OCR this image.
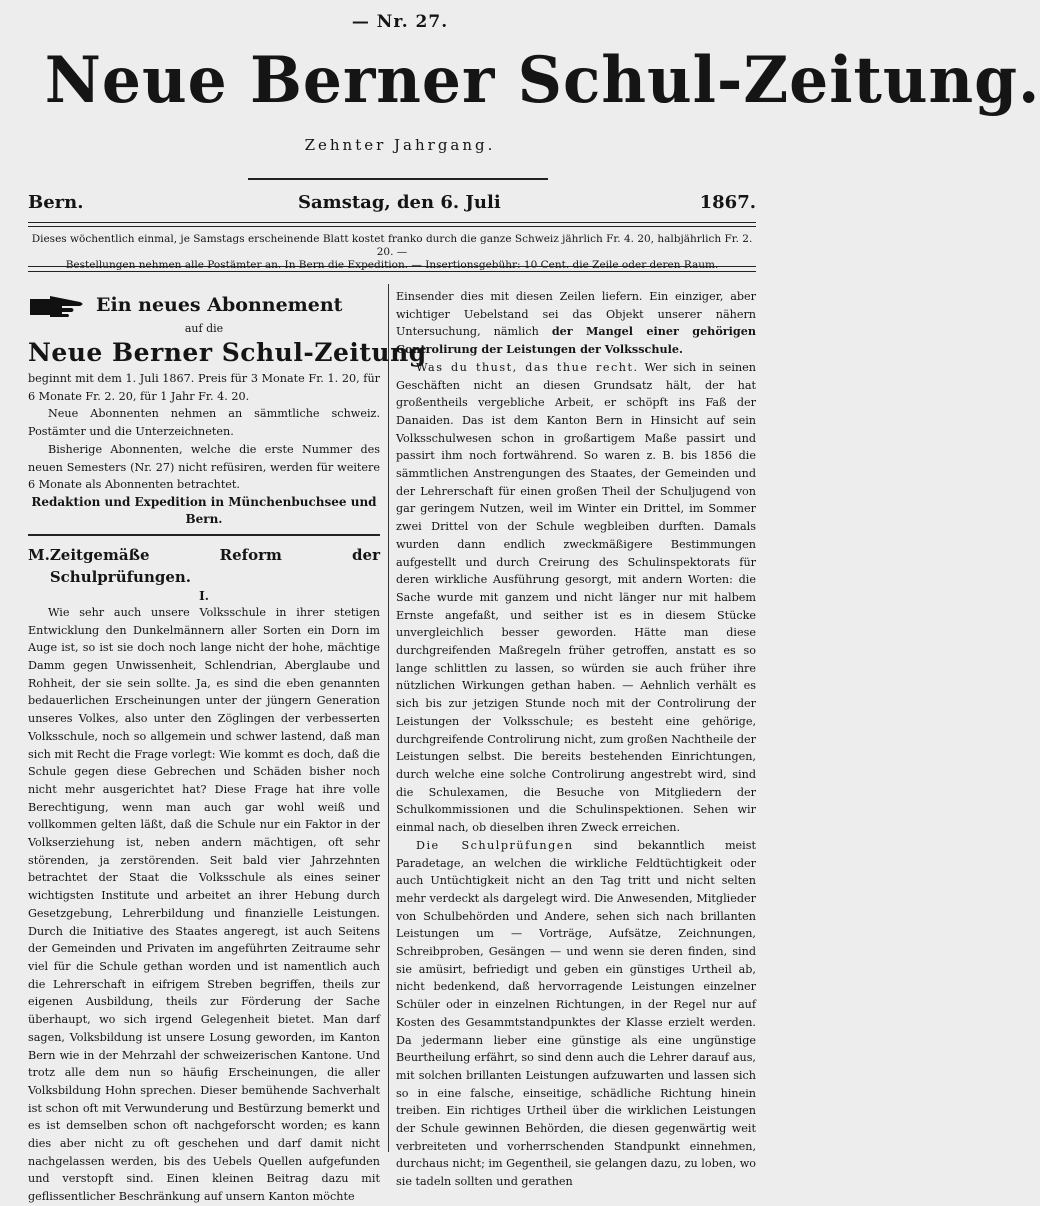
— Nr. 27.
Neue Berner Schul-Zeitung.
Zehnter Jahrgang.
Bern.	Samstag, den 6. Juli	1867.
Dieses wöchentlich einmal, je Samstags erscheinende Blatt kostet franko durch die ganze Schweiz jährlich Fr. 4. 20, halbjährlich Fr. 2. 20. —
Bestellungen nehmen alle Postämter an. In Bern die Expedition. — Insertionsgebühr: 10 Cent. die Zeile oder deren Raum.
Ein neues Abonnement
auf die
Neue Berner Schul-Zeitung

beginnt mit dem 1. Juli 1867. Preis für 3 Monate Fr. 1. 20, für 6 Monate Fr. 2. 20, für 1 Jahr Fr. 4. 20.

Neue Abonnenten nehmen an sämmtliche schweiz. Postämter und die Unterzeichneten.

Bisherige Abonnenten, welche die erste Nummer des neuen Semesters (Nr. 27) nicht refüsiren, werden für weitere 6 Monate als Abonnenten betrachtet.

Redaktion und Expedition in Münchenbuchsee und Bern.
M. Zeitgemäße Reform der Schulprüfungen.
I.

Wie sehr auch unsere Volksschule in ihrer stetigen Entwicklung den Dunkelmännern aller Sorten ein Dorn im Auge ist, so ist sie doch noch lange nicht der hohe, mächtige Damm gegen Unwissenheit, Schlendrian, Aberglaube und Rohheit, der sie sein sollte. Ja, es sind die eben genannten bedauerlichen Erscheinungen unter der jüngern Generation unseres Volkes, also unter den Zöglingen der verbesserten Volksschule, noch so allgemein und schwer lastend, daß man sich mit Recht die Frage vorlegt: Wie kommt es doch, daß die Schule gegen diese Gebrechen und Schäden bisher noch nicht mehr ausgerichtet hat? Diese Frage hat ihre volle Berechtigung, wenn man auch gar wohl weiß und vollkommen gelten läßt, daß die Schule nur ein Faktor in der Volkserziehung ist, neben andern mächtigen, oft sehr störenden, ja zerstörenden. Seit bald vier Jahrzehnten betrachtet der Staat die Volksschule als eines seiner wichtigsten Institute und arbeitet an ihrer Hebung durch Gesetzgebung, Lehrerbildung und finanzielle Leistungen. Durch die Initiative des Staates angeregt, ist auch Seitens der Gemeinden und Privaten im angeführten Zeitraume sehr viel für die Schule gethan worden und ist namentlich auch die Lehrerschaft in eifrigem Streben begriffen, theils zur eigenen Ausbildung, theils zur Förderung der Sache überhaupt, wo sich irgend Gelegenheit bietet. Man darf sagen, Volksbildung ist unsere Losung geworden, im Kanton Bern wie in der Mehrzahl der schweizerischen Kantone. Und trotz alle dem nun so häufig Erscheinungen, die aller Volksbildung Hohn sprechen. Dieser bemühende Sachverhalt ist schon oft mit Verwunderung und Bestürzung bemerkt und es ist demselben schon oft nachgeforscht worden; es kann dies aber nicht zu oft geschehen und darf damit nicht nachgelassen werden, bis des Uebels Quellen aufgefunden und verstopft sind. Einen kleinen Beitrag dazu mit geflissentlicher Beschränkung auf unsern Kanton möchte

Einsender dies mit diesen Zeilen liefern. Ein einziger, aber wichtiger Uebelstand sei das Objekt unserer nähern Untersuchung, nämlich der Mangel einer gehörigen Controlirung der Leistungen der Volksschule.

Was du thust, das thue recht. Wer sich in seinen Geschäften nicht an diesen Grundsatz hält, der hat großentheils vergebliche Arbeit, er schöpft ins Faß der Danaiden. Das ist dem Kanton Bern in Hinsicht auf sein Volksschulwesen schon in großartigem Maße passirt und passirt ihm noch fortwährend. So waren z. B. bis 1856 die sämmtlichen Anstrengungen des Staates, der Gemeinden und der Lehrerschaft für einen großen Theil der Schuljugend von gar geringem Nutzen, weil im Winter ein Drittel, im Sommer zwei Drittel von der Schule wegbleiben durften. Damals wurden dann endlich zweckmäßigere Bestimmungen aufgestellt und durch Creirung des Schulinspektorats für deren wirkliche Ausführung gesorgt, mit andern Worten: die Sache wurde mit ganzem und nicht länger nur mit halbem Ernste angefaßt, und seither ist es in diesem Stücke unvergleichlich besser geworden. Hätte man diese durchgreifenden Maßregeln früher getroffen, anstatt es so lange schlittlen zu lassen, so würden sie auch früher ihre nützlichen Wirkungen gethan haben. — Aehnlich verhält es sich bis zur jetzigen Stunde noch mit der Controlirung der Leistungen der Volksschule; es besteht eine gehörige, durchgreifende Controlirung nicht, zum großen Nachtheile der Leistungen selbst. Die bereits bestehenden Einrichtungen, durch welche eine solche Controlirung angestrebt wird, sind die Schulexamen, die Besuche von Mitgliedern der Schulkommissionen und die Schulinspektionen. Sehen wir einmal nach, ob dieselben ihren Zweck erreichen.

Die Schulprüfungen sind bekanntlich meist Paradetage, an welchen die wirkliche Feldtüchtigkeit oder auch Untüchtigkeit nicht an den Tag tritt und nicht selten mehr verdeckt als dargelegt wird. Die Anwesenden, Mitglieder von Schulbehörden und Andere, sehen sich nach brillanten Leistungen um — Vorträge, Aufsätze, Zeichnungen, Schreibproben, Gesängen — und wenn sie deren finden, sind sie amüsirt, befriedigt und geben ein günstiges Urtheil ab, nicht bedenkend, daß hervorragende Leistungen einzelner Schüler oder in einzelnen Richtungen, in der Regel nur auf Kosten des Gesammtstandpunktes der Klasse erzielt werden. Da jedermann lieber eine günstige als eine ungünstige Beurtheilung erfährt, so sind denn auch die Lehrer darauf aus, mit solchen brillanten Leistungen aufzuwarten und lassen sich so in eine falsche, einseitige, schädliche Richtung hinein treiben. Ein richtiges Urtheil über die wirklichen Leistungen der Schule gewinnen Behörden, die diesen gegenwärtig weit verbreiteten und vorherrschenden Standpunkt einnehmen, durchaus nicht; im Gegentheil, sie gelangen dazu, zu loben, wo sie tadeln sollten und gerathen
